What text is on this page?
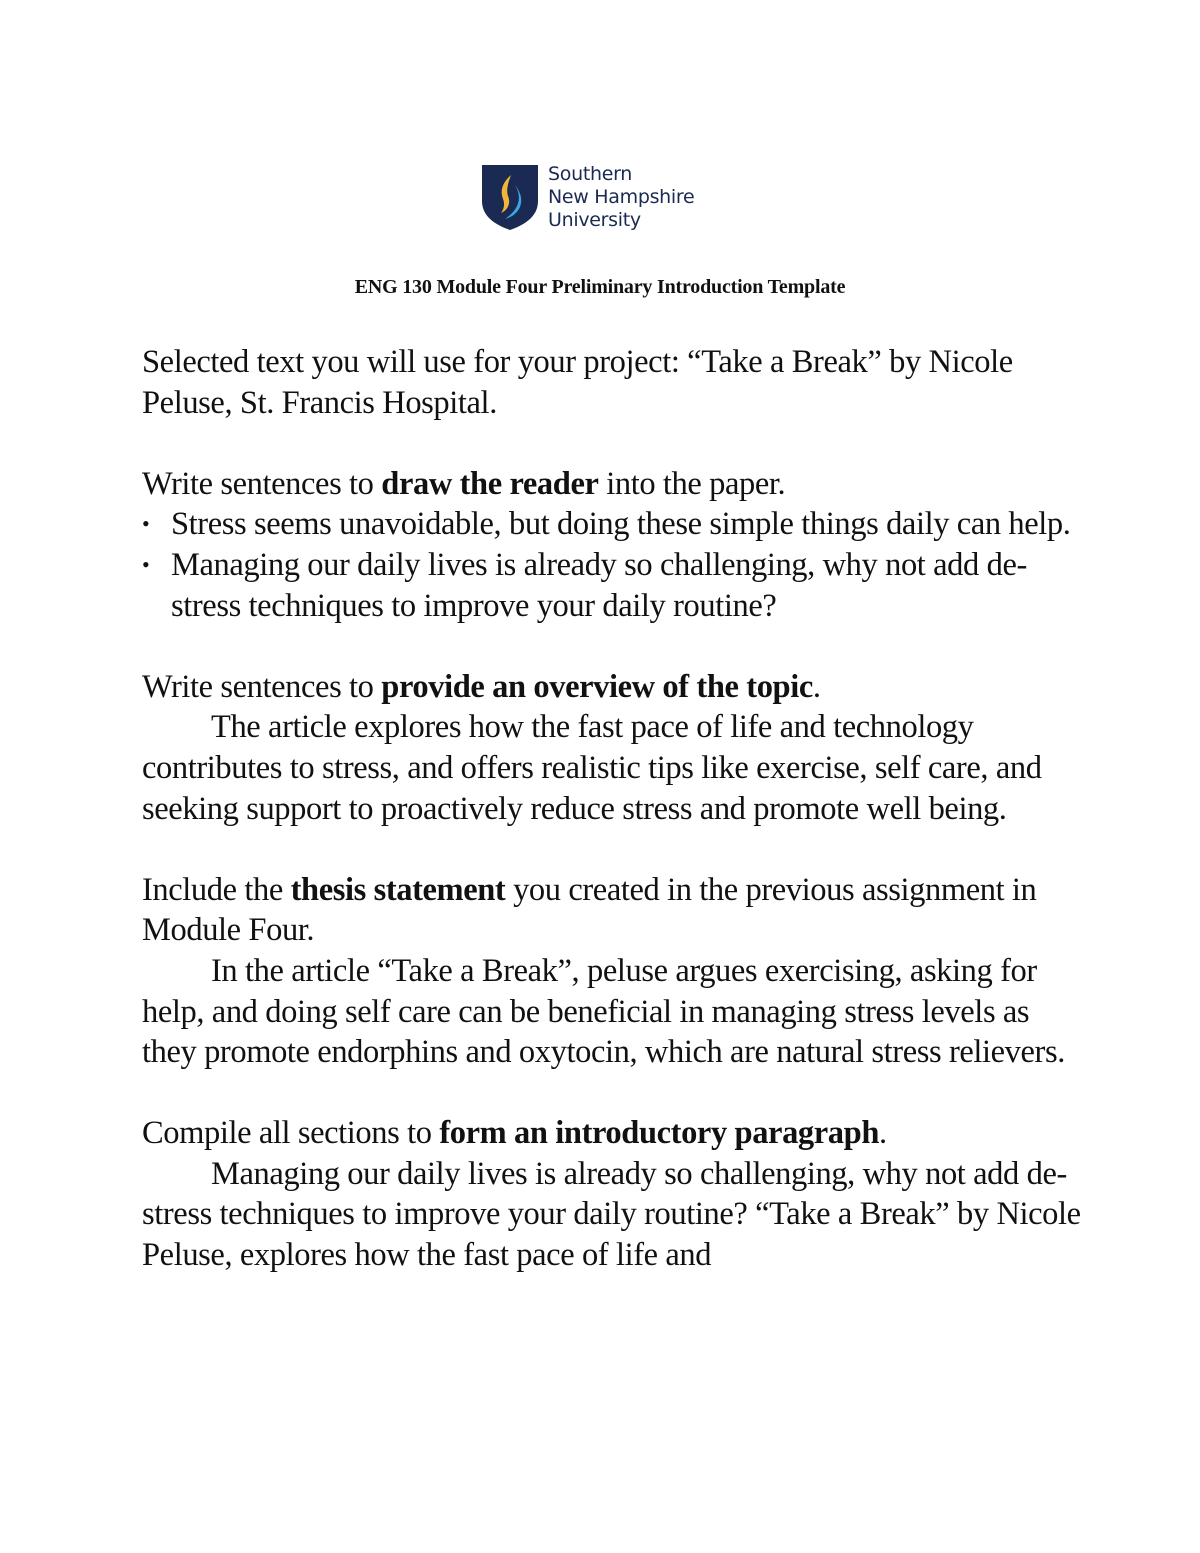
Southern
New Hampshire
University
ENG 130 Module Four Preliminary Introduction Template

Selected text you will use for your project: “Take a Break” by Nicole Peluse, St. Francis Hospital.

Write sentences to draw the reader into the paper.

• Stress seems unavoidable, but doing these simple things daily can help.
• Managing our daily lives is already so challenging, why not add de-stress techniques to improve your daily routine?

Write sentences to provide an overview of the topic.

The article explores how the fast pace of life and technology contributes to stress, and offers realistic tips like exercise, self care, and seeking support to proactively reduce stress and promote well being.

Include the thesis statement you created in the previous assignment in Module Four.

In the article “Take a Break”, peluse argues exercising, asking for help, and doing self care can be beneficial in managing stress levels as they promote endorphins and oxytocin, which are natural stress relievers.

Compile all sections to form an introductory paragraph.

Managing our daily lives is already so challenging, why not add de-stress techniques to improve your daily routine? “Take a Break” by Nicole Peluse, explores how the fast pace of life and
